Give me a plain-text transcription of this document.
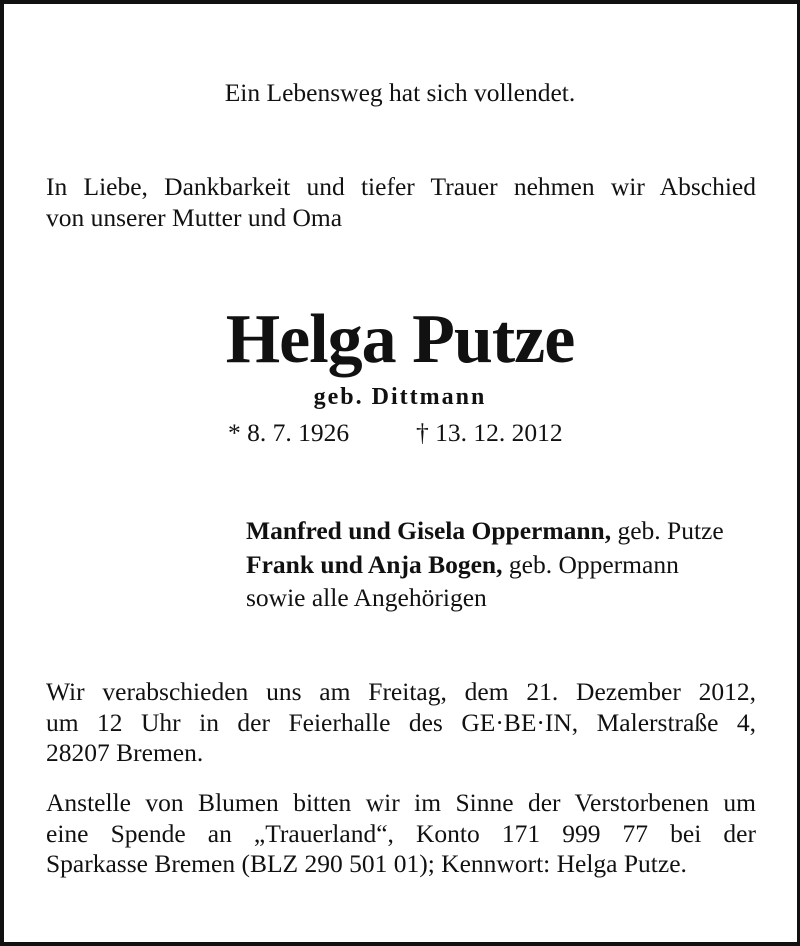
Ein Lebensweg hat sich vollendet.
In Liebe, Dankbarkeit und tiefer Trauer nehmen wir Abschied
von unserer Mutter und Oma
Helga Putze
geb. Dittmann
* 8. 7. 1926	† 13. 12. 2012
Manfred und Gisela Oppermann, geb. Putze
Frank und Anja Bogen, geb. Oppermann
sowie alle Angehörigen
Wir verabschieden uns am Freitag, dem 21. Dezember 2012,
um 12 Uhr in der Feierhalle des GE·BE·IN, Malerstraße 4,
28207 Bremen.
Anstelle von Blumen bitten wir im Sinne der Verstorbenen um
eine Spende an „Trauerland“, Konto 171 999 77 bei der
Sparkasse Bremen (BLZ 290 501 01); Kennwort: Helga Putze.
